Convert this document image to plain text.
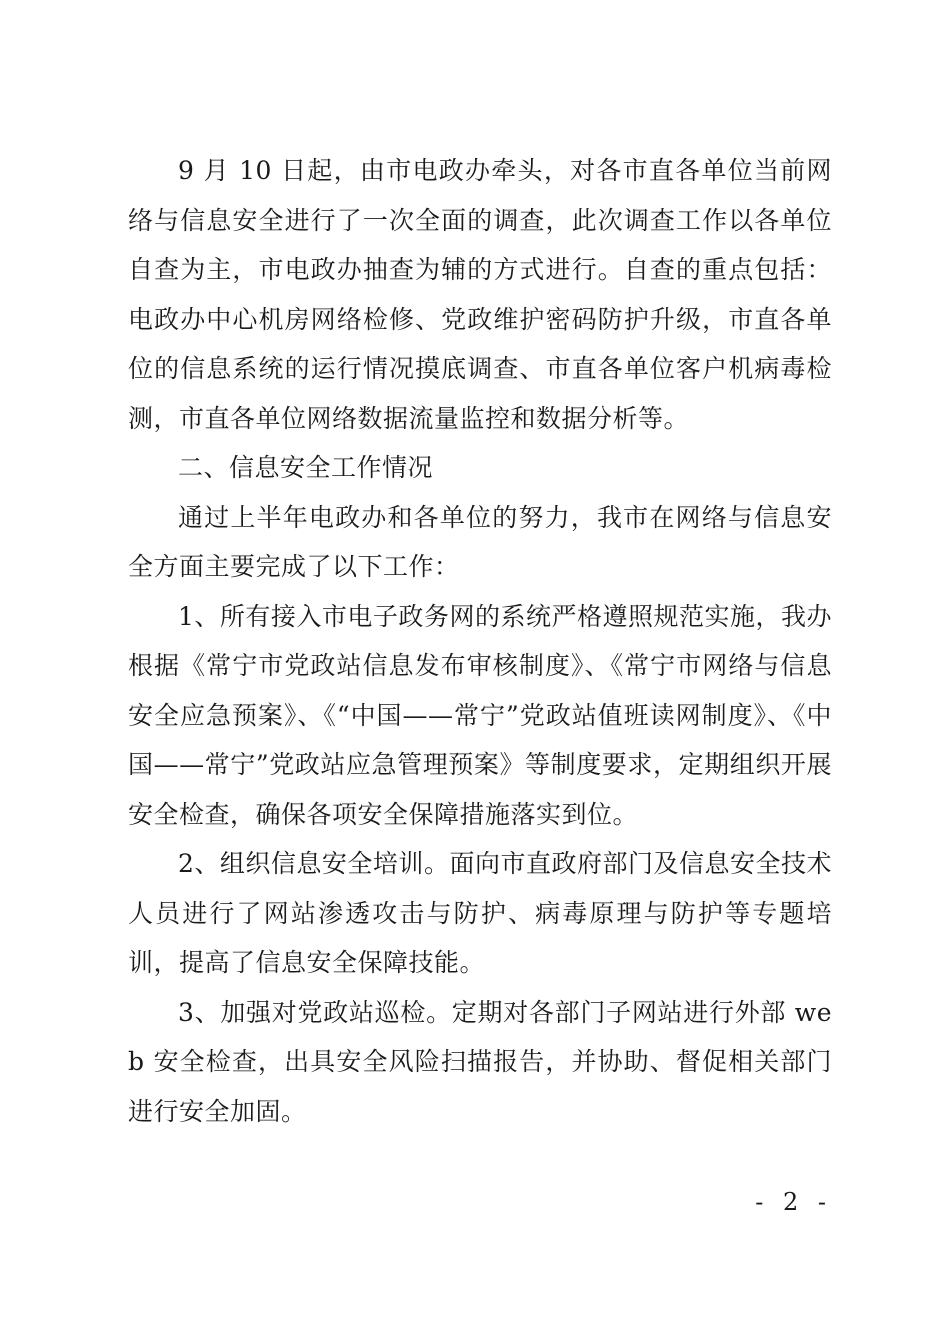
9 月 10 日起，由市电政办牵头，对各市直各单位当前网络与信息安全进行了一次全面的调查，此次调查工作以各单位自查为主，市电政办抽查为辅的方式进行。自查的重点包括：电政办中心机房网络检修、党政维护密码防护升级，市直各单位的信息系统的运行情况摸底调查、市直各单位客户机病毒检测，市直各单位网络数据流量监控和数据分析等。

二、信息安全工作情况

通过上半年电政办和各单位的努力，我市在网络与信息安全方面主要完成了以下工作：

1、所有接入市电子政务网的系统严格遵照规范实施，我办根据《常宁市党政站信息发布审核制度》、《常宁市网络与信息安全应急预案》、《“中国——常宁”党政站值班读网制度》、《中国——常宁”党政站应急管理预案》等制度要求，定期组织开展安全检查，确保各项安全保障措施落实到位。

2、组织信息安全培训。面向市直政府部门及信息安全技术人员进行了网站渗透攻击与防护、病毒原理与防护等专题培训，提高了信息安全保障技能。

3、加强对党政站巡检。定期对各部门子网站进行外部 web 安全检查，出具安全风险扫描报告，并协助、督促相关部门进行安全加固。

- 2 -
